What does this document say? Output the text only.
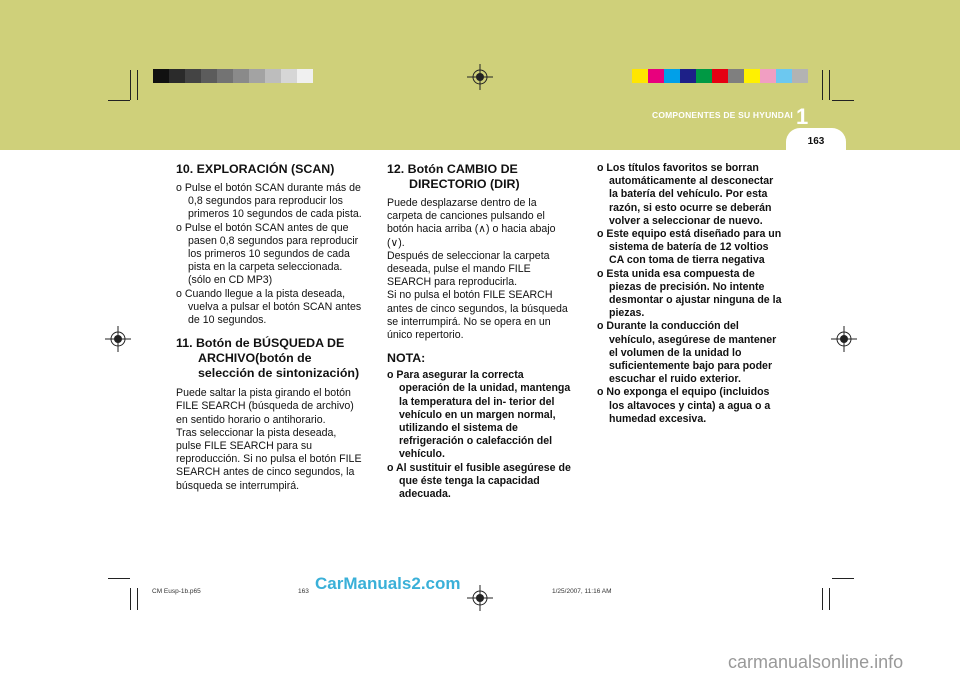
163
COMPONENTES DE SU HYUNDAI 1

10. EXPLORACIÓN (SCAN)

o Pulse el botón SCAN durante más de 0,8 segundos para reproducir los primeros 10 segundos de cada pista.

o Pulse el botón SCAN antes de que pasen 0,8 segundos para reproducir los primeros 10 segundos de cada pista en la carpeta seleccionada. (sólo en CD MP3)

o Cuando llegue a la pista deseada, vuelva a pulsar el botón SCAN antes de 10 segundos.

11. Botón de BÚSQUEDA DE ARCHIVO(botón de selección de sintonización)

Puede saltar la pista girando el botón FILE SEARCH (búsqueda de archivo) en sentido horario o antihorario.

Tras seleccionar la pista deseada, pulse FILE SEARCH para su reproducción. Si no pulsa el botón FILE SEARCH antes de cinco segundos, la búsqueda se interrumpirá.

12. Botón CAMBIO DE DIRECTORIO (DIR)

Puede desplazarse dentro de la carpeta de canciones pulsando el botón hacia arriba (∧) o hacia abajo (∨).

Después de seleccionar la carpeta deseada, pulse el mando FILE SEARCH para reproducirla.

Si no pulsa el botón FILE SEARCH antes de cinco segundos, la búsqueda se interrumpirá. No se opera en un único repertorio.

NOTA:

o Para asegurar la correcta operación de la unidad, mantenga la temperatura del in- terior del vehículo en un margen normal, utilizando el sistema de refrigeración o calefacción del vehículo.

o Al sustituir el fusible asegúrese de que éste tenga la capacidad adecuada.

o Los títulos favoritos se borran automáticamente al desconectar la batería del vehículo. Por esta razón, si esto ocurre se deberán volver a seleccionar de nuevo.

o Este equipo está diseñado para un sistema de batería de 12 voltios CA con toma de tierra negativa

o Esta unida esa compuesta de piezas de precisión. No intente desmontar o ajustar ninguna de la piezas.

o Durante la conducción del vehículo, asegúrese de mantener el volumen de la unidad lo suficientemente bajo para poder escuchar el ruido exterior.

o No exponga el equipo (incluidos los altavoces y cinta) a agua o a humedad excesiva.

CM Eusp-1b.p65	163	1/25/2007, 11:16 AM
CarManuals2.com
carmanualsonline.info
